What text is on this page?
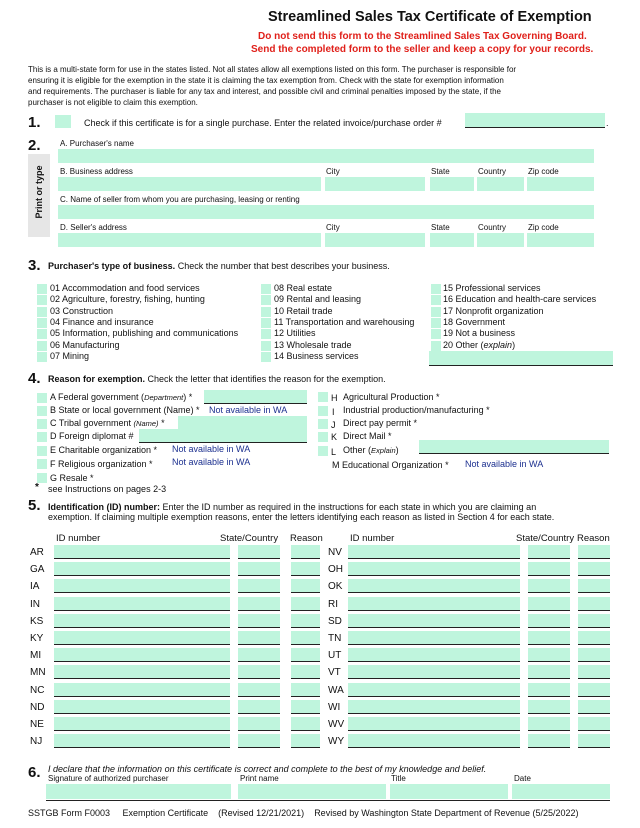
Streamlined Sales Tax Certificate of Exemption
Do not send this form to the Streamlined Sales Tax Governing Board.
Send the completed form to the seller and keep a copy for your records.
This is a multi-state form for use in the states listed. Not all states allow all exemptions listed on this form. The purchaser is responsible for
ensuring it is eligible for the exemption in the state it is claiming the tax exemption from. Check with the state for exemption information
and requirements. The purchaser is liable for any tax and interest, and possible civil and criminal penalties imposed by the state, if the
purchaser is not eligible to claim this exemption.
1.	Check if this certificate is for a single purchase. Enter the related invoice/purchase order #	.
2.
Print or type
A. Purchaser's name
B. Business address	City	State	Country	Zip code
C. Name of seller from whom you are purchasing, leasing or renting
D. Seller's address	City	State	Country	Zip code
3. Purchaser's type of business. Check the number that best describes your business.
01 Accommodation and food services
02 Agriculture, forestry, fishing, hunting
03 Construction
04 Finance and insurance
05 Information, publishing and communications
06 Manufacturing
07 Mining
08 Real estate
09 Rental and leasing
10 Retail trade
11 Transportation and warehousing
12 Utilities
13 Wholesale trade
14 Business services
15 Professional services
16 Education and health-care services
17 Nonprofit organization
18 Government
19 Not a business
20 Other (explain)
4. Reason for exemption. Check the letter that identifies the reason for the exemption.
A Federal government (Department) *
B State or local government (Name) * Not available in WA
C Tribal government (Name) *
D Foreign diplomat #
E Charitable organization * Not available in WA
F Religious organization * Not available in WA
G Resale *
* see Instructions on pages 2-3
H Agricultural Production *
I Industrial production/manufacturing *
J Direct pay permit *
K Direct Mail *
L Other (Explain)
M Educational Organization * Not available in WA
5. Identification (ID) number: Enter the ID number as required in the instructions for each state in which you are claiming an
exemption. If claiming multiple exemption reasons, enter the letters identifying each reason as listed in Section 4 for each state.
ID number	State/Country Reason	ID number	State/Country Reason
AR	NV
GA	OH
IA	OK
IN	RI
KS	SD
KY	TN
MI	UT
MN	VT
NC	WA
ND	WI
NE	WV
NJ	WY
6. I declare that the information on this certificate is correct and complete to the best of my knowledge and belief.
Signature of authorized purchaser	Print name	Title	Date
SSTGB Form F0003 Exemption Certificate (Revised 12/21/2021) Revised by Washington State Department of Revenue (5/25/2022)
